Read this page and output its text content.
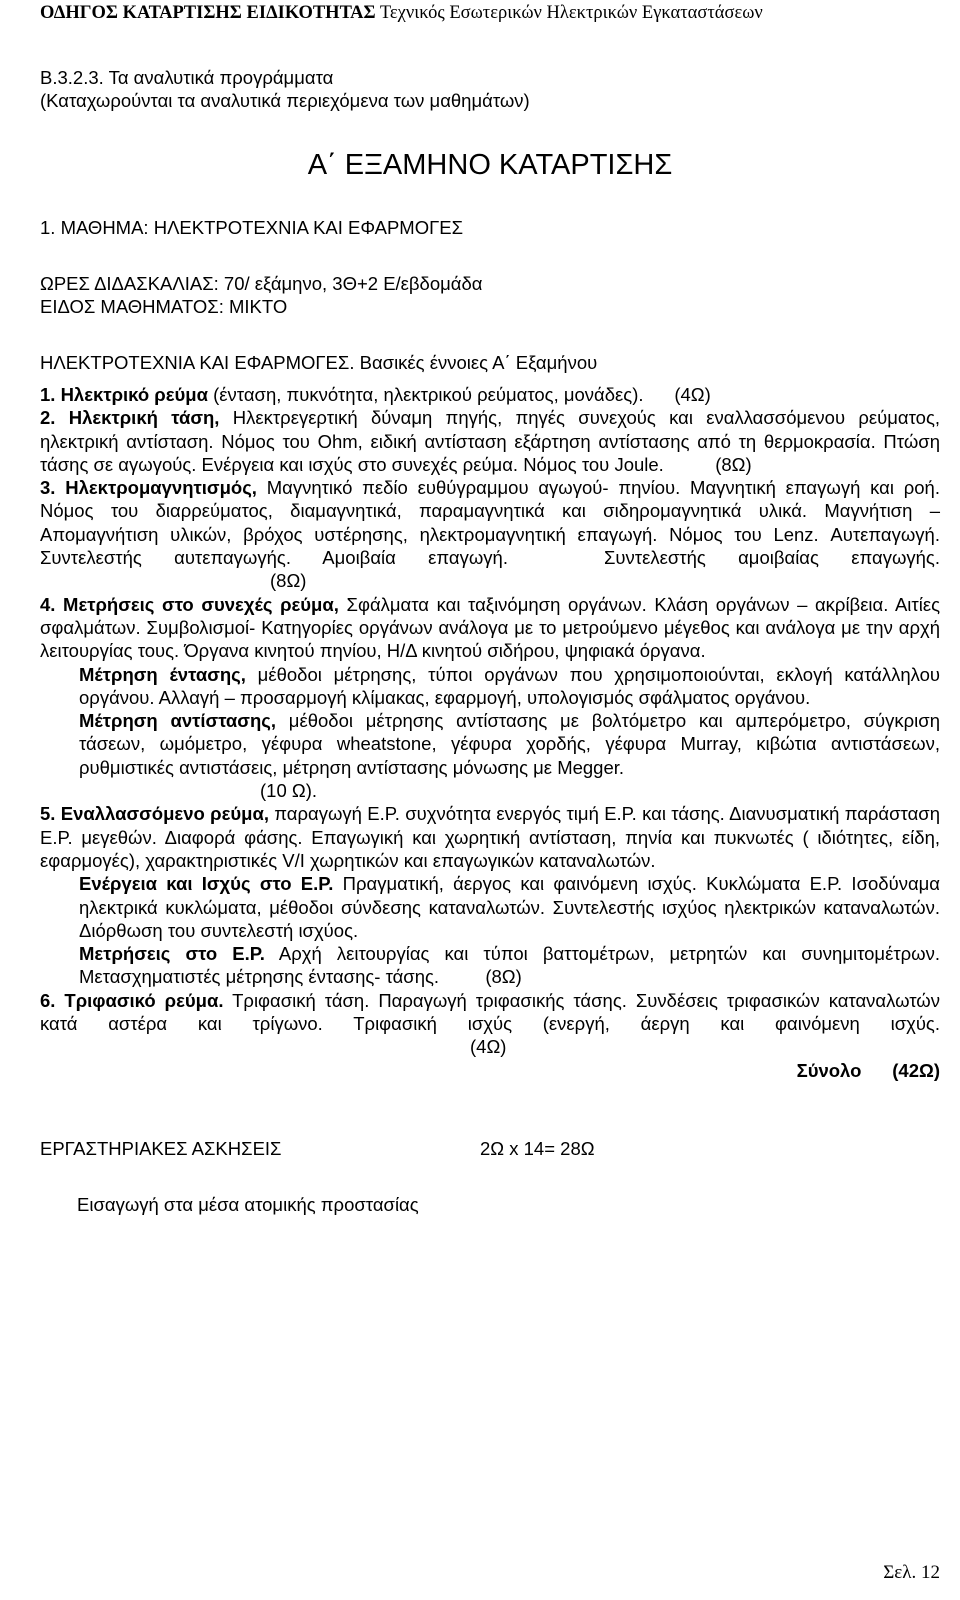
ΟΔΗΓΟΣ ΚΑΤΑΡΤΙΣΗΣ ΕΙΔΙΚΟΤΗΤΑΣ Τεχνικός Εσωτερικών Ηλεκτρικών Εγκαταστάσεων

Β.3.2.3. Τα αναλυτικά προγράμματα

(Καταχωρούνται τα αναλυτικά περιεχόμενα των μαθημάτων)

Α΄ ΕΞΑΜΗΝΟ ΚΑΤΑΡΤΙΣΗΣ

1. ΜΑΘΗΜΑ: ΗΛΕΚΤΡΟΤΕΧΝΙΑ ΚΑΙ ΕΦΑΡΜΟΓΕΣ

ΩΡΕΣ ΔΙΔΑΣΚΑΛΙΑΣ: 70/ εξάμηνο, 3Θ+2 Ε/εβδομάδα

ΕΙΔΟΣ ΜΑΘΗΜΑΤΟΣ: ΜΙΚΤΟ

ΗΛΕΚΤΡΟΤΕΧΝΙΑ ΚΑΙ ΕΦΑΡΜΟΓΕΣ. Βασικές έννοιες Α΄ Εξαμήνου

1. Ηλεκτρικό ρεύμα (ένταση, πυκνότητα, ηλεκτρικού ρεύματος, μονάδες). (4Ω)

2. Ηλεκτρική τάση, Ηλεκτρεγερτική δύναμη πηγής, πηγές συνεχούς και εναλλασσόμενου ρεύματος, ηλεκτρική αντίσταση. Νόμος του Ohm, ειδική αντίσταση εξάρτηση αντίστασης από τη θερμοκρασία. Πτώση τάσης σε αγωγούς. Ενέργεια και ισχύς στο συνεχές ρεύμα. Νόμος του Joule.	(8Ω)

3. Ηλεκτρομαγνητισμός, Μαγνητικό πεδίο ευθύγραμμου αγωγού- πηνίου. Μαγνητική επαγωγή και ροή. Νόμος του διαρρεύματος, διαμαγνητικά, παραμαγνητικά και σιδηρομαγνητικά υλικά. Μαγνήτιση – Απομαγνήτιση υλικών, βρόχος υστέρησης, ηλεκτρομαγνητική επαγωγή. Νόμος του Lenz. Αυτεπαγωγή. Συντελεστής αυτεπαγωγής. Αμοιβαία επαγωγή.	Συντελεστής αμοιβαίας επαγωγής.(8Ω)

4. Μετρήσεις στο συνεχές ρεύμα, Σφάλματα και ταξινόμηση οργάνων. Κλάση οργάνων – ακρίβεια. Αιτίες σφαλμάτων. Συμβολισμοί- Κατηγορίες οργάνων ανάλογα με το μετρούμενο μέγεθος και ανάλογα με την αρχή λειτουργίας τους. Όργανα κινητού πηνίου, Η/Δ κινητού σιδήρου, ψηφιακά όργανα.

Μέτρηση έντασης, μέθοδοι μέτρησης, τύποι οργάνων που χρησιμοποιούνται, εκλογή κατάλληλου οργάνου. Αλλαγή – προσαρμογή κλίμακας, εφαρμογή, υπολογισμός σφάλματος οργάνου.

Μέτρηση αντίστασης, μέθοδοι μέτρησης αντίστασης με βολτόμετρο και αμπερόμετρο, σύγκριση τάσεων, ωμόμετρο, γέφυρα wheatstone, γέφυρα χορδής, γέφυρα Murray, κιβώτια αντιστάσεων, ρυθμιστικές αντιστάσεις, μέτρηση αντίστασης μόνωσης με Megger.

(10 Ω).

5. Εναλλασσόμενο ρεύμα, παραγωγή Ε.Ρ. συχνότητα ενεργός τιμή Ε.Ρ. και τάσης. Διανυσματική παράσταση Ε.Ρ. μεγεθών. Διαφορά φάσης. Επαγωγική και χωρητική αντίσταση, πηνία και πυκνωτές ( ιδιότητες, είδη, εφαρμογές), χαρακτηριστικές V/I χωρητικών και επαγωγικών καταναλωτών.

Ενέργεια και Ισχύς στο Ε.Ρ. Πραγματική, άεργος και φαινόμενη ισχύς. Κυκλώματα Ε.Ρ. Ισοδύναμα ηλεκτρικά κυκλώματα, μέθοδοι σύνδεσης καταναλωτών. Συντελεστής ισχύος ηλεκτρικών καταναλωτών. Διόρθωση του συντελεστή ισχύος.

Μετρήσεις στο Ε.Ρ. Αρχή λειτουργίας και τύποι βαττομέτρων, μετρητών και συνημιτομέτρων. Μετασχηματιστές μέτρησης έντασης- τάσης.	(8Ω)

6. Τριφασικό ρεύμα. Τριφασική τάση. Παραγωγή τριφασικής τάσης. Συνδέσεις τριφασικών καταναλωτών κατά αστέρα και τρίγωνο. Τριφασική ισχύς (ενεργή, άεργη και φαινόμενη ισχύς.(4Ω)

Σύνολο (42Ω)

ΕΡΓΑΣΤΗΡΙΑΚΕΣ ΑΣΚΗΣΕΙΣ	2Ω x 14= 28Ω

Εισαγωγή στα μέσα ατομικής προστασίας

Σελ. 12
